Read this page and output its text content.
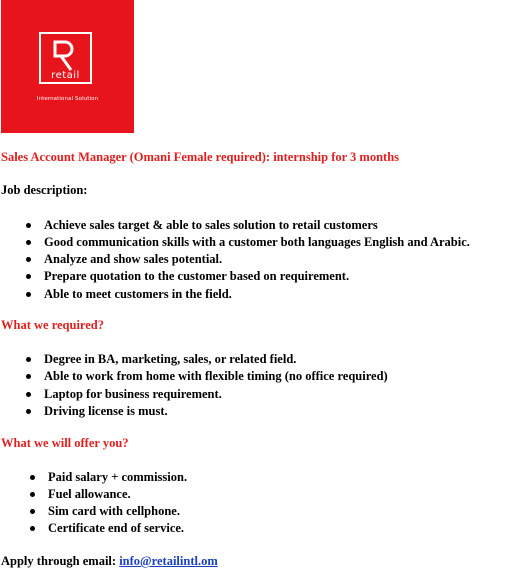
retail
International Solution
Sales Account Manager (Omani Female required): internship for 3 months
Job description:
Achieve sales target & able to sales solution to retail customers
Good communication skills with a customer both languages English and Arabic.
Analyze and show sales potential.
Prepare quotation to the customer based on requirement.
Able to meet customers in the field.
What we required?
Degree in BA, marketing, sales, or related field.
Able to work from home with flexible timing (no office required)
Laptop for business requirement.
Driving license is must.
What we will offer you?
Paid salary + commission.
Fuel allowance.
Sim card with cellphone.
Certificate end of service.
Apply through email: info@retailintl.om
